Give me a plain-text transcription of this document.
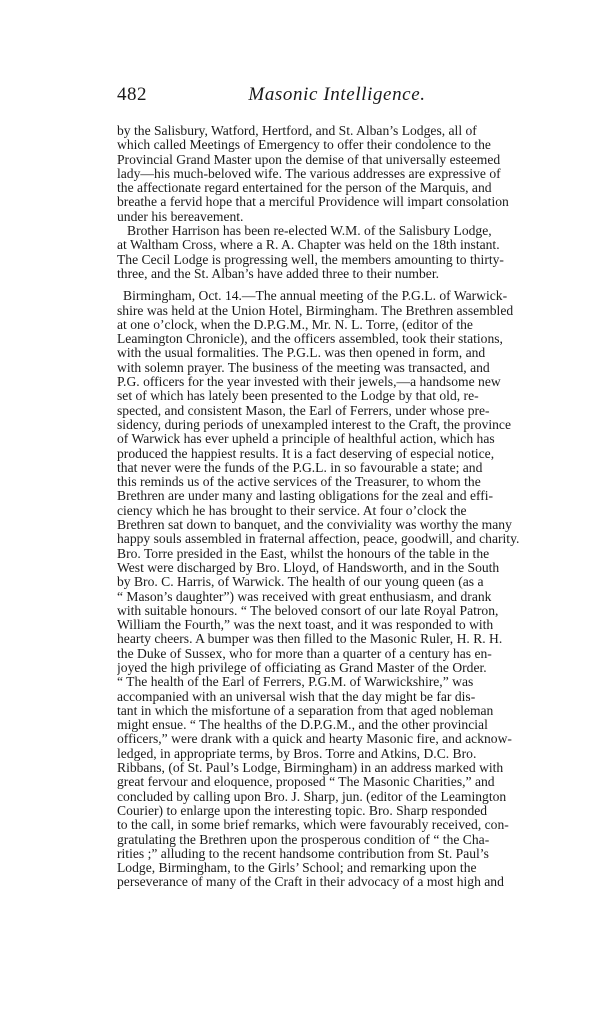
482	Masonic Intelligence.
by the Salisbury, Watford, Hertford, and St. Alban’s Lodges, all of
which called Meetings of Emergency to offer their condolence to the
Provincial Grand Master upon the demise of that universally esteemed
lady—his much-beloved wife. The various addresses are expressive of
the affectionate regard entertained for the person of the Marquis, and
breathe a fervid hope that a merciful Providence will impart consolation
under his bereavement.
Brother Harrison has been re-elected W.M. of the Salisbury Lodge,
at Waltham Cross, where a R. A. Chapter was held on the 18th instant.
The Cecil Lodge is progressing well, the members amounting to thirty-
three, and the St. Alban’s have added three to their number.
Birmingham, Oct. 14.—The annual meeting of the P.G.L. of Warwick-
shire was held at the Union Hotel, Birmingham. The Brethren assembled
at one o’clock, when the D.P.G.M., Mr. N. L. Torre, (editor of the
Leamington Chronicle), and the officers assembled, took their stations,
with the usual formalities. The P.G.L. was then opened in form, and
with solemn prayer. The business of the meeting was transacted, and
P.G. officers for the year invested with their jewels,—a handsome new
set of which has lately been presented to the Lodge by that old, re-
spected, and consistent Mason, the Earl of Ferrers, under whose pre-
sidency, during periods of unexampled interest to the Craft, the province
of Warwick has ever upheld a principle of healthful action, which has
produced the happiest results. It is a fact deserving of especial notice,
that never were the funds of the P.G.L. in so favourable a state; and
this reminds us of the active services of the Treasurer, to whom the
Brethren are under many and lasting obligations for the zeal and effi-
ciency which he has brought to their service. At four o’clock the
Brethren sat down to banquet, and the conviviality was worthy the many
happy souls assembled in fraternal affection, peace, goodwill, and charity.
Bro. Torre presided in the East, whilst the honours of the table in the
West were discharged by Bro. Lloyd, of Handsworth, and in the South
by Bro. C. Harris, of Warwick. The health of our young queen (as a
“ Mason’s daughter”) was received with great enthusiasm, and drank
with suitable honours. “ The beloved consort of our late Royal Patron,
William the Fourth,” was the next toast, and it was responded to with
hearty cheers. A bumper was then filled to the Masonic Ruler, H. R. H.
the Duke of Sussex, who for more than a quarter of a century has en-
joyed the high privilege of officiating as Grand Master of the Order.
“ The health of the Earl of Ferrers, P.G.M. of Warwickshire,” was
accompanied with an universal wish that the day might be far dis-
tant in which the misfortune of a separation from that aged nobleman
might ensue. “ The healths of the D.P.G.M., and the other provincial
officers,” were drank with a quick and hearty Masonic fire, and acknow-
ledged, in appropriate terms, by Bros. Torre and Atkins, D.C. Bro.
Ribbans, (of St. Paul’s Lodge, Birmingham) in an address marked with
great fervour and eloquence, proposed “ The Masonic Charities,” and
concluded by calling upon Bro. J. Sharp, jun. (editor of the Leamington
Courier) to enlarge upon the interesting topic. Bro. Sharp responded
to the call, in some brief remarks, which were favourably received, con-
gratulating the Brethren upon the prosperous condition of “ the Cha-
rities ;” alluding to the recent handsome contribution from St. Paul’s
Lodge, Birmingham, to the Girls’ School; and remarking upon the
perseverance of many of the Craft in their advocacy of a most high and
